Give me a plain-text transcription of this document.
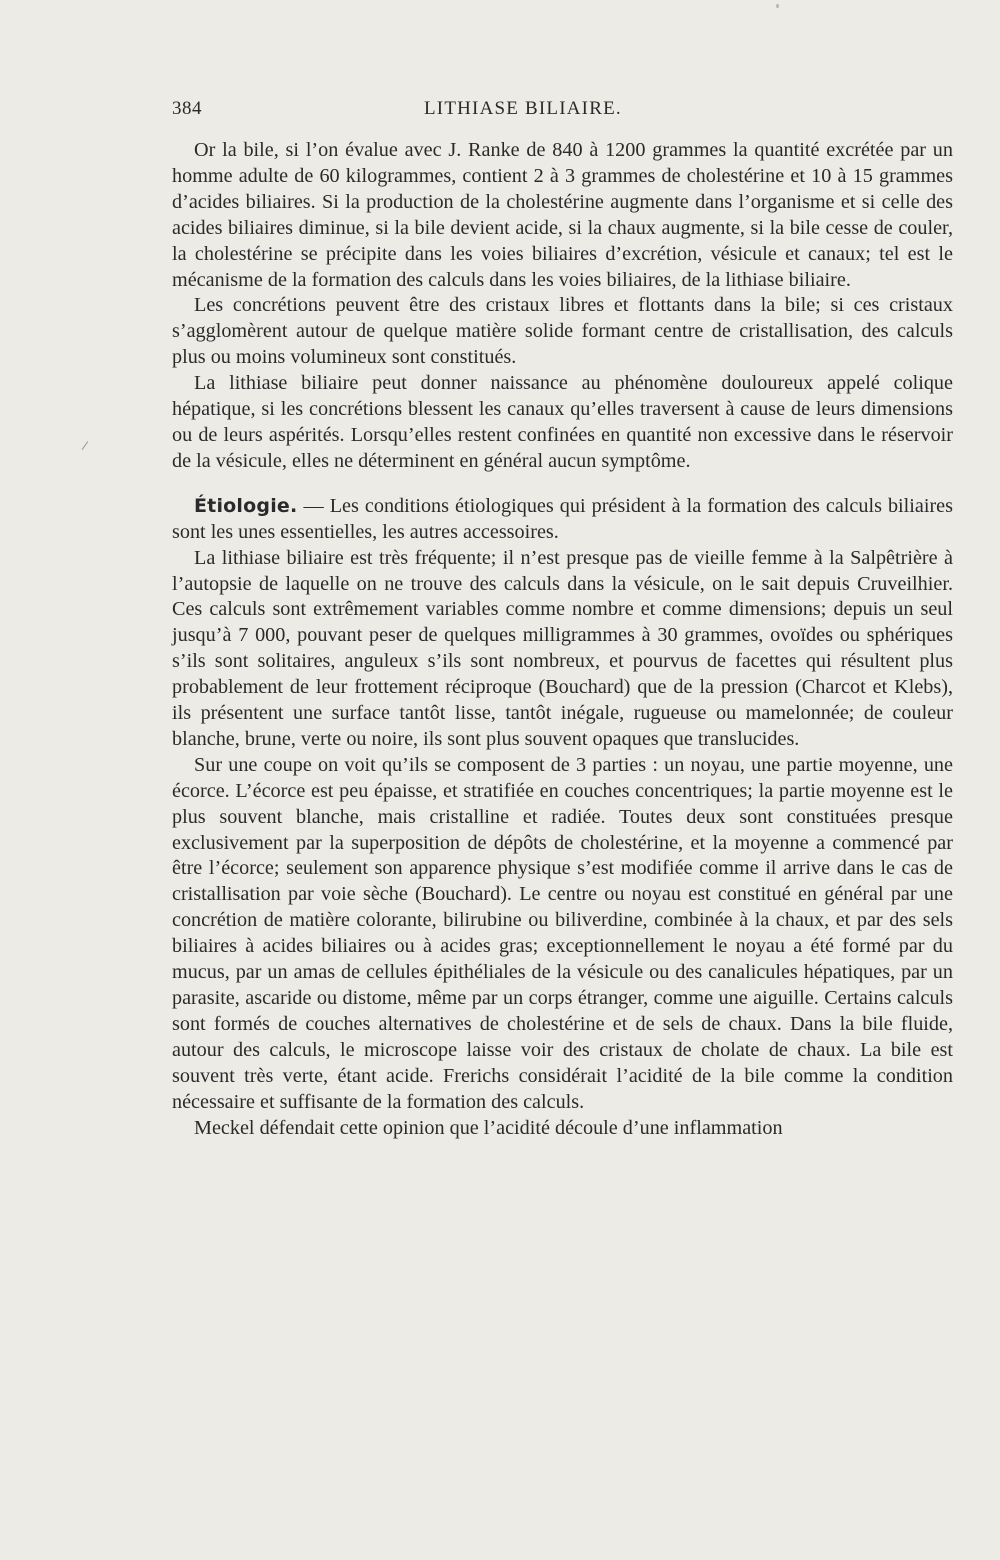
384	LITHIASE BILIAIRE.

Or la bile, si l’on évalue avec J. Ranke de 840 à 1200 grammes la quantité excrétée par un homme adulte de 60 kilogrammes, contient 2 à 3 grammes de cholestérine et 10 à 15 grammes d’acides biliaires. Si la production de la cholestérine augmente dans l’organisme et si celle des acides biliaires diminue, si la bile devient acide, si la chaux augmente, si la bile cesse de couler, la cholestérine se précipite dans les voies biliaires d’excrétion, vésicule et canaux; tel est le mécanisme de la formation des calculs dans les voies biliaires, de la lithiase biliaire.

Les concrétions peuvent être des cristaux libres et flottants dans la bile; si ces cristaux s’agglomèrent autour de quelque matière solide formant centre de cristallisation, des calculs plus ou moins volumineux sont constitués.

La lithiase biliaire peut donner naissance au phénomène douloureux appelé colique hépatique, si les concrétions blessent les canaux qu’elles traversent à cause de leurs dimensions ou de leurs aspérités. Lorsqu’elles restent confinées en quantité non excessive dans le réservoir de la vésicule, elles ne déterminent en général aucun symptôme.

Étiologie. — Les conditions étiologiques qui président à la formation des calculs biliaires sont les unes essentielles, les autres accessoires.

La lithiase biliaire est très fréquente; il n’est presque pas de vieille femme à la Salpêtrière à l’autopsie de laquelle on ne trouve des calculs dans la vésicule, on le sait depuis Cruveilhier. Ces calculs sont extrêmement variables comme nombre et comme dimensions; depuis un seul jusqu’à 7 000, pouvant peser de quelques milligrammes à 30 grammes, ovoïdes ou sphériques s’ils sont solitaires, anguleux s’ils sont nombreux, et pourvus de facettes qui résultent plus probablement de leur frottement réciproque (Bouchard) que de la pression (Charcot et Klebs), ils présentent une surface tantôt lisse, tantôt inégale, rugueuse ou mamelonnée; de couleur blanche, brune, verte ou noire, ils sont plus souvent opaques que translucides.

Sur une coupe on voit qu’ils se composent de 3 parties : un noyau, une partie moyenne, une écorce. L’écorce est peu épaisse, et stratifiée en couches concentriques; la partie moyenne est le plus souvent blanche, mais cristalline et radiée. Toutes deux sont constituées presque exclusivement par la superposition de dépôts de cholestérine, et la moyenne a commencé par être l’écorce; seulement son apparence physique s’est modifiée comme il arrive dans le cas de cristallisation par voie sèche (Bouchard). Le centre ou noyau est constitué en général par une concrétion de matière colorante, bilirubine ou biliverdine, combinée à la chaux, et par des sels biliaires à acides biliaires ou à acides gras; exceptionnellement le noyau a été formé par du mucus, par un amas de cellules épithéliales de la vésicule ou des canalicules hépatiques, par un parasite, ascaride ou distome, même par un corps étranger, comme une aiguille. Certains calculs sont formés de couches alternatives de cholestérine et de sels de chaux. Dans la bile fluide, autour des calculs, le microscope laisse voir des cristaux de cholate de chaux. La bile est souvent très verte, étant acide. Frerichs considérait l’acidité de la bile comme la condition nécessaire et suffisante de la formation des calculs.

Meckel défendait cette opinion que l’acidité découle d’une inflammation
